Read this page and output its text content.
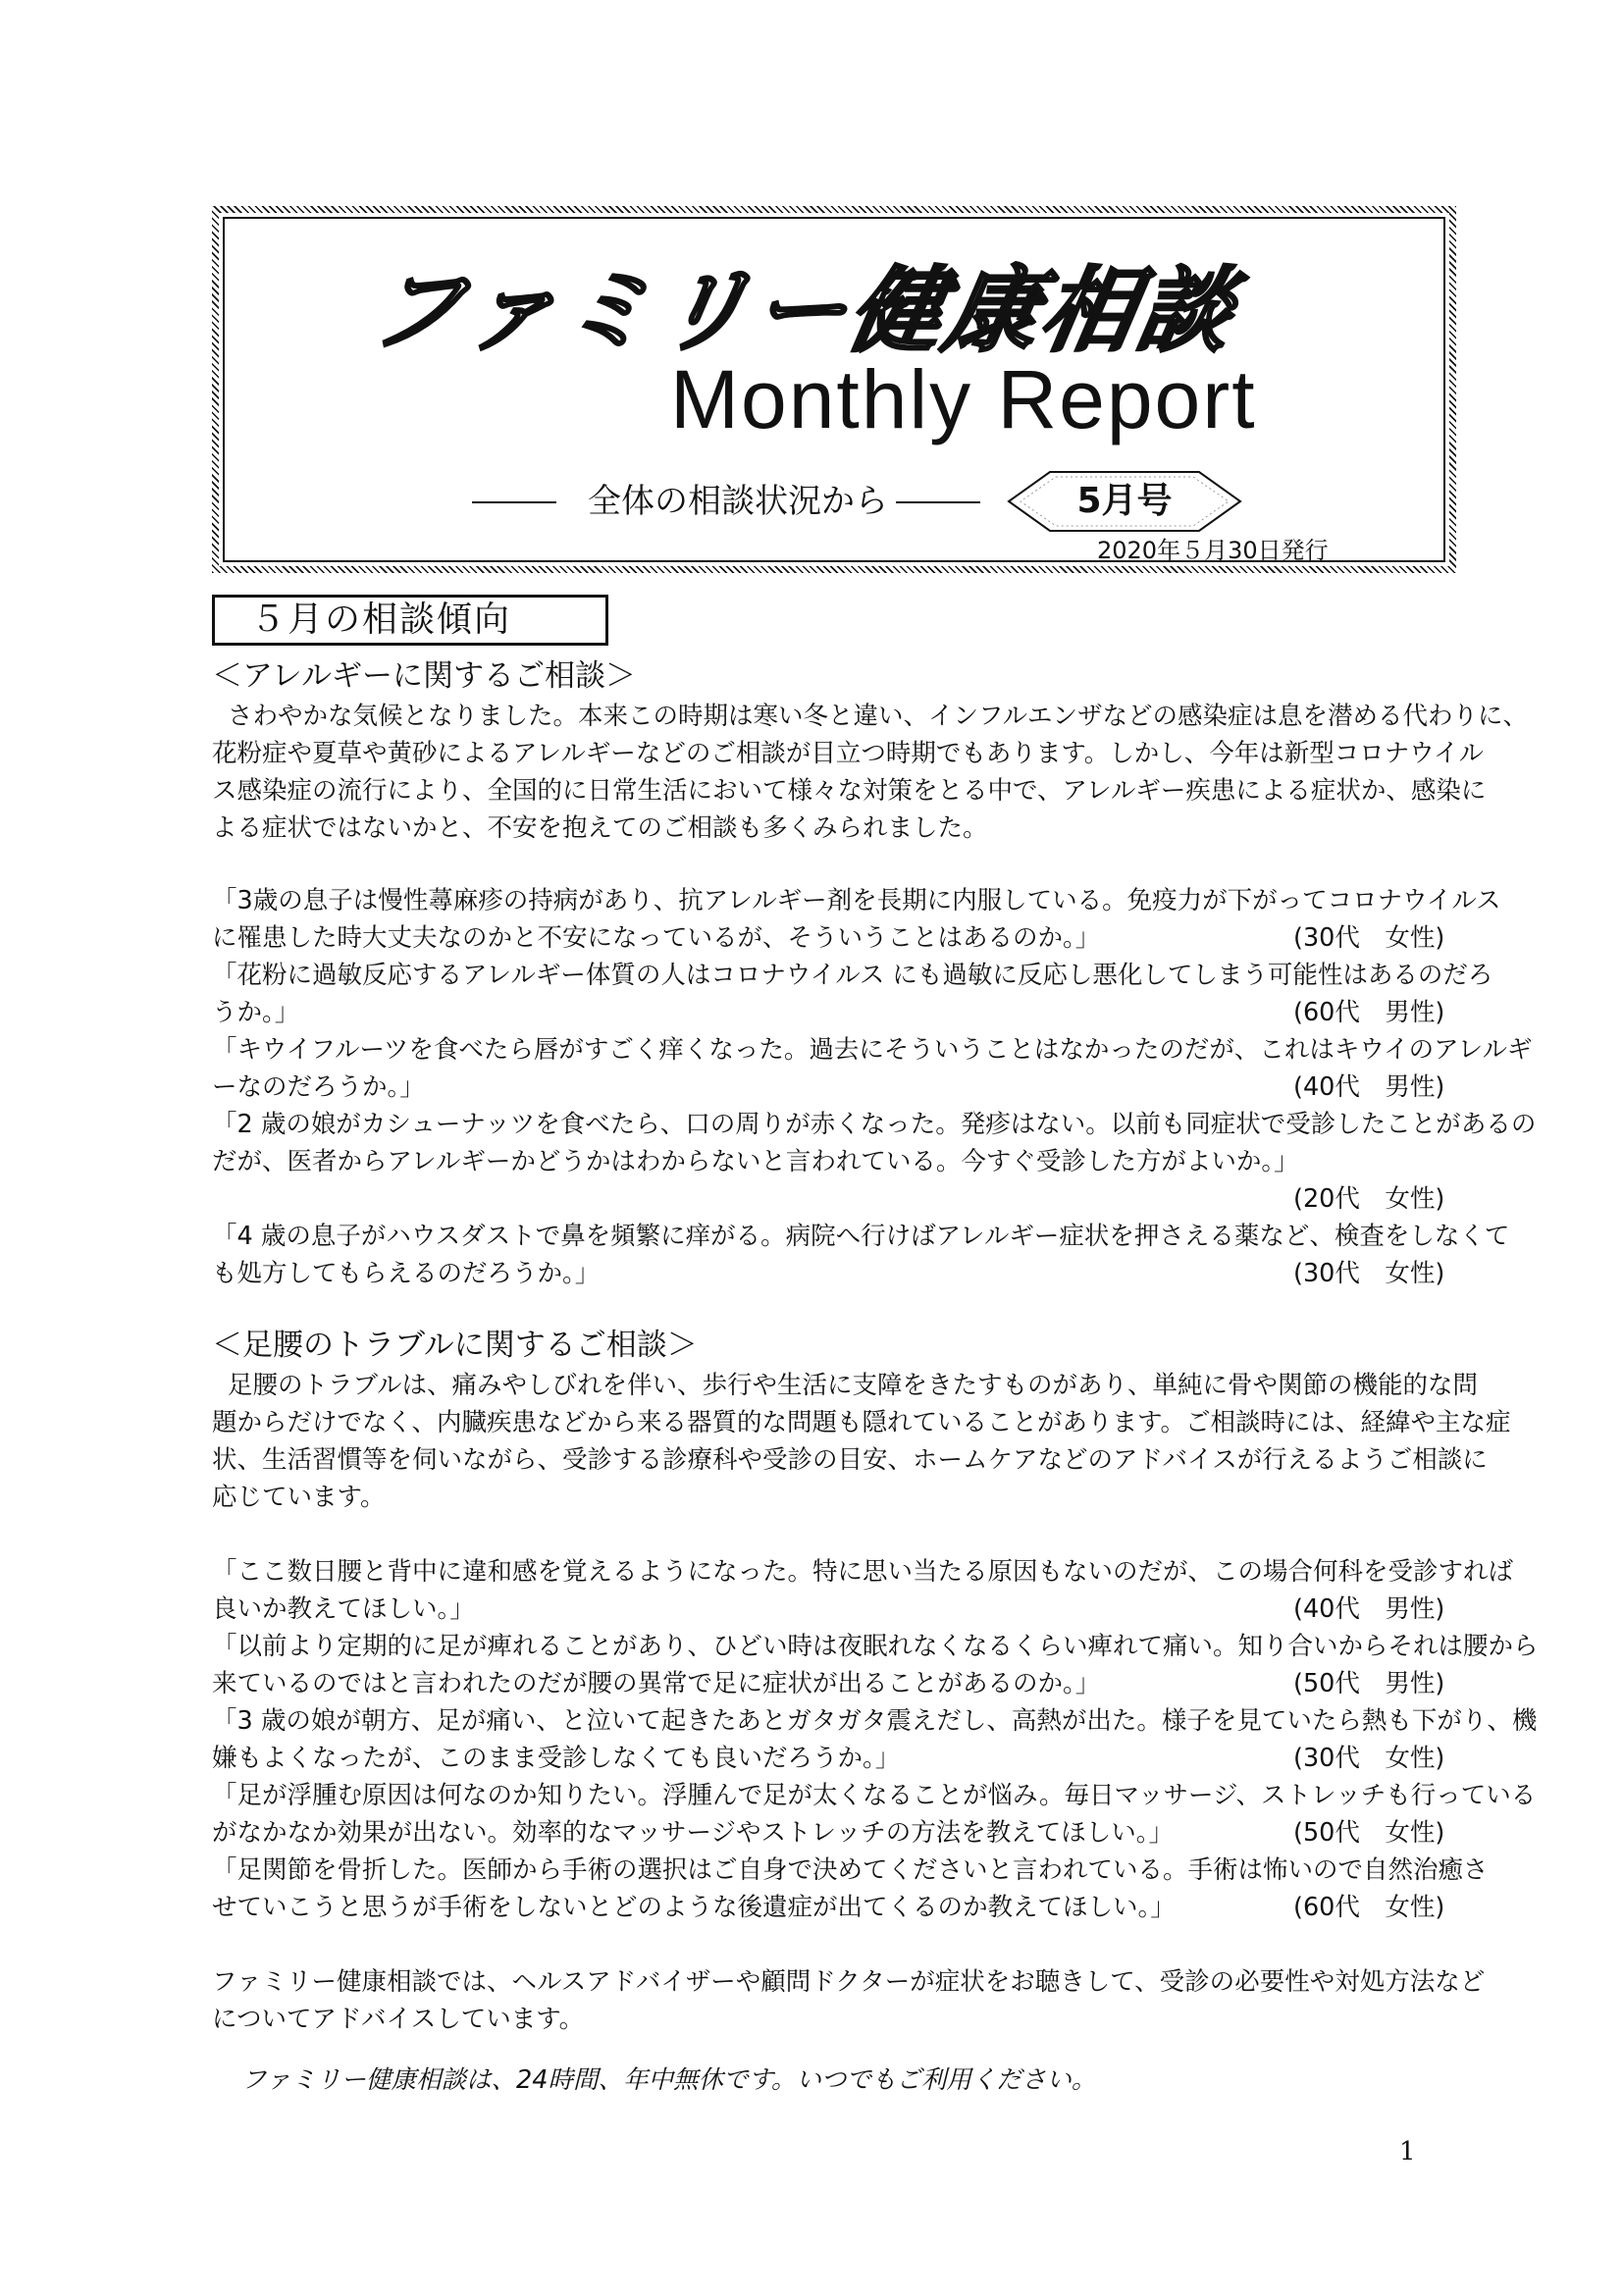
ファミリー健康相談
Monthly Report
全体の相談状況から	5月号
2020年５月30日発行
５月の相談傾向
＜アレルギーに関するご相談＞
さわやかな気候となりました。本来この時期は寒い冬と違い、インフルエンザなどの感染症は息を潜める代わりに、
花粉症や夏草や黄砂によるアレルギーなどのご相談が目立つ時期でもあります。しかし、今年は新型コロナウイル
ス感染症の流行により、全国的に日常生活において様々な対策をとる中で、アレルギー疾患による症状か、感染に
よる症状ではないかと、不安を抱えてのご相談も多くみられました。
「3歳の息子は慢性蕁麻疹の持病があり、抗アレルギー剤を長期に内服している。免疫力が下がってコロナウイルス
に罹患した時大丈夫なのかと不安になっているが、そういうことはあるのか。」	(30代　女性)
「花粉に過敏反応するアレルギー体質の人はコロナウイルス にも過敏に反応し悪化してしまう可能性はあるのだろ
うか。」	(60代　男性)
「キウイフルーツを食べたら唇がすごく痒くなった。過去にそういうことはなかったのだが、これはキウイのアレルギ
ーなのだろうか。」	(40代　男性)
「2 歳の娘がカシューナッツを食べたら、口の周りが赤くなった。発疹はない。以前も同症状で受診したことがあるの
だが、医者からアレルギーかどうかはわからないと言われている。今すぐ受診した方がよいか。」
(20代　女性)
「4 歳の息子がハウスダストで鼻を頻繁に痒がる。病院へ行けばアレルギー症状を押さえる薬など、検査をしなくて
も処方してもらえるのだろうか。」	(30代　女性)
＜足腰のトラブルに関するご相談＞
足腰のトラブルは、痛みやしびれを伴い、歩行や生活に支障をきたすものがあり、単純に骨や関節の機能的な問
題からだけでなく、内臓疾患などから来る器質的な問題も隠れていることがあります。ご相談時には、経緯や主な症
状、生活習慣等を伺いながら、受診する診療科や受診の目安、ホームケアなどのアドバイスが行えるようご相談に
応じています。
「ここ数日腰と背中に違和感を覚えるようになった。特に思い当たる原因もないのだが、この場合何科を受診すれば
良いか教えてほしい。」	(40代　男性)
「以前より定期的に足が痺れることがあり、ひどい時は夜眠れなくなるくらい痺れて痛い。知り合いからそれは腰から
来ているのではと言われたのだが腰の異常で足に症状が出ることがあるのか。」	(50代　男性)
「3 歳の娘が朝方、足が痛い、と泣いて起きたあとガタガタ震えだし、高熱が出た。様子を見ていたら熱も下がり、機
嫌もよくなったが、このまま受診しなくても良いだろうか。」	(30代　女性)
「足が浮腫む原因は何なのか知りたい。浮腫んで足が太くなることが悩み。毎日マッサージ、ストレッチも行っている
がなかなか効果が出ない。効率的なマッサージやストレッチの方法を教えてほしい。」	(50代　女性)
「足関節を骨折した。医師から手術の選択はご自身で決めてくださいと言われている。手術は怖いので自然治癒さ
せていこうと思うが手術をしないとどのような後遺症が出てくるのか教えてほしい。」	(60代　女性)
ファミリー健康相談では、ヘルスアドバイザーや顧問ドクターが症状をお聴きして、受診の必要性や対処方法など
についてアドバイスしています。
ファミリー健康相談は、24時間、年中無休です。いつでもご利用ください。
1
